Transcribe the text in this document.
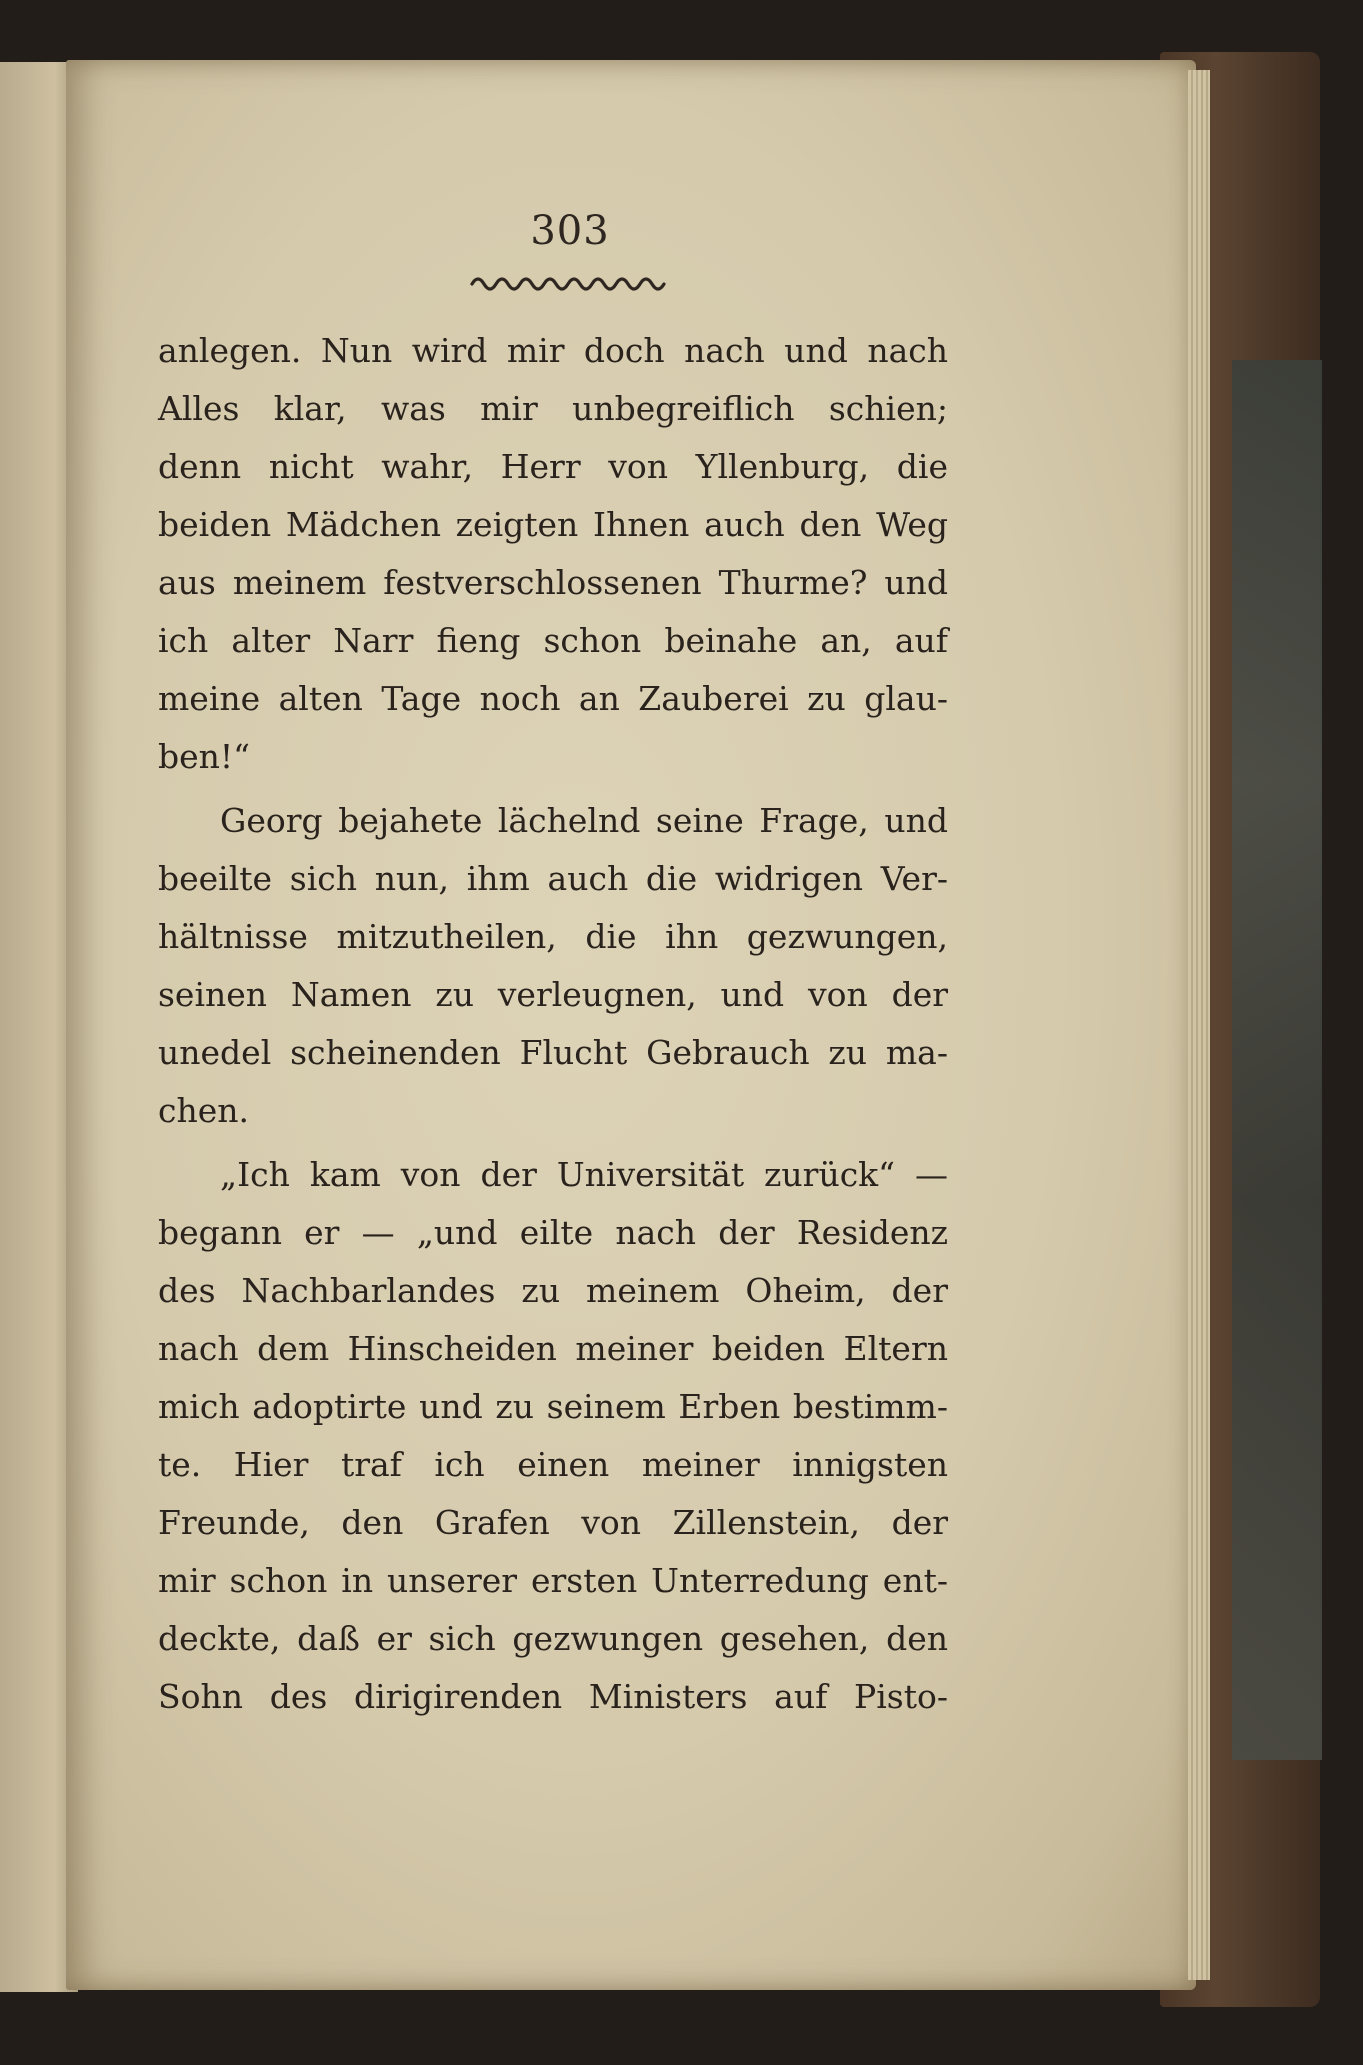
303
anlegen. Nun wird mir doch nach und nach
Alles klar, was mir unbegreiflich schien;
denn nicht wahr, Herr von Yllenburg, die
beiden Mädchen zeigten Ihnen auch den Weg
aus meinem festverschlossenen Thurme? und
ich alter Narr fieng schon beinahe an, auf
meine alten Tage noch an Zauberei zu glau-
ben!“
Georg bejahete lächelnd seine Frage, und
beeilte sich nun, ihm auch die widrigen Ver-
hältnisse mitzutheilen, die ihn gezwungen,
seinen Namen zu verleugnen, und von der
unedel scheinenden Flucht Gebrauch zu ma-
chen.
„Ich kam von der Universität zurück“ —
begann er — „und eilte nach der Residenz
des Nachbarlandes zu meinem Oheim, der
nach dem Hinscheiden meiner beiden Eltern
mich adoptirte und zu seinem Erben bestimm-
te. Hier traf ich einen meiner innigsten
Freunde, den Grafen von Zillenstein, der
mir schon in unserer ersten Unterredung ent-
deckte, daß er sich gezwungen gesehen, den
Sohn des dirigirenden Ministers auf Pisto-
